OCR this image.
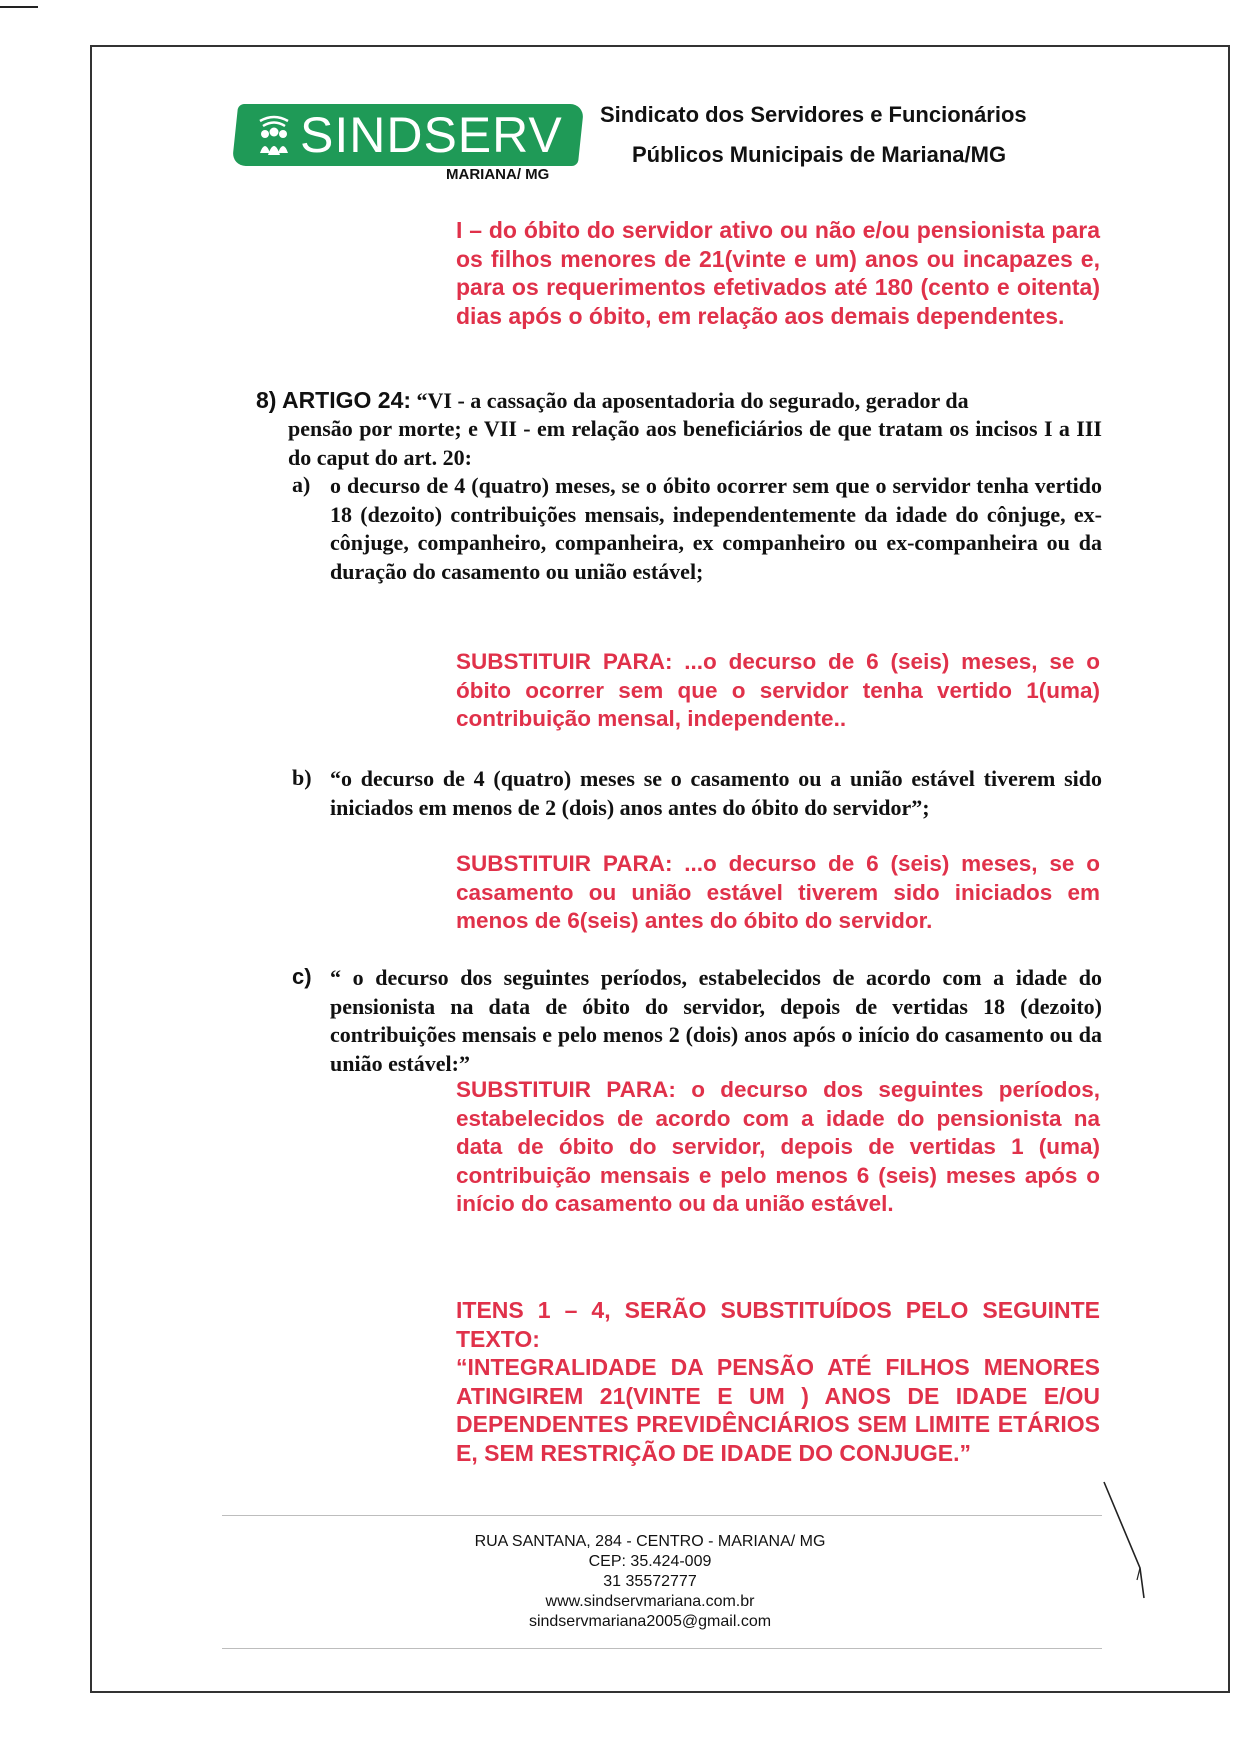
SINDSERV
MARIANA/ MG
Sindicato dos Servidores e Funcionários
Públicos Municipais de Mariana/MG
I – do óbito do servidor ativo ou não e/ou pensionista para os filhos menores de 21(vinte e um) anos ou incapazes e, para os requerimentos efetivados até 180 (cento e oitenta) dias após o óbito, em relação aos demais dependentes.
8) ARTIGO 24: “VI - a cassação da aposentadoria do segurado, gerador da
pensão por morte; e VII - em relação aos beneficiários de que tratam os incisos I a III do caput do art. 20:
a) o decurso de 4 (quatro) meses, se o óbito ocorrer sem que o servidor tenha vertido 18 (dezoito) contribuições mensais, independentemente da idade do cônjuge, ex-cônjuge, companheiro, companheira, ex companheiro ou ex-companheira ou da duração do casamento ou união estável;
SUBSTITUIR PARA: ...o decurso de 6 (seis) meses, se o óbito ocorrer sem que o servidor tenha vertido 1(uma) contribuição mensal, independente..
b) “o decurso de 4 (quatro) meses se o casamento ou a união estável tiverem sido iniciados em menos de 2 (dois) anos antes do óbito do servidor”;
SUBSTITUIR PARA: ...o decurso de 6 (seis) meses, se o casamento ou união estável tiverem sido iniciados em menos de 6(seis) antes do óbito do servidor.
c) “ o decurso dos seguintes períodos, estabelecidos de acordo com a idade do pensionista na data de óbito do servidor, depois de vertidas 18 (dezoito) contribuições mensais e pelo menos 2 (dois) anos após o início do casamento ou da união estável:”
SUBSTITUIR PARA: o decurso dos seguintes períodos, estabelecidos de acordo com a idade do pensionista na data de óbito do servidor, depois de vertidas 1 (uma) contribuição mensais e pelo menos 6 (seis) meses após o início do casamento ou da união estável.
ITENS 1 – 4, SERÃO SUBSTITUÍDOS PELO SEGUINTE TEXTO:
“INTEGRALIDADE DA PENSÃO ATÉ FILHOS MENORES ATINGIREM 21(VINTE E UM ) ANOS DE IDADE E/OU DEPENDENTES PREVIDÊNCIÁRIOS SEM LIMITE ETÁRIOS E, SEM RESTRIÇÃO DE IDADE DO CONJUGE.”
RUA SANTANA, 284 - CENTRO - MARIANA/ MG
CEP: 35.424-009
31 35572777
www.sindservmariana.com.br
sindservmariana2005@gmail.com
